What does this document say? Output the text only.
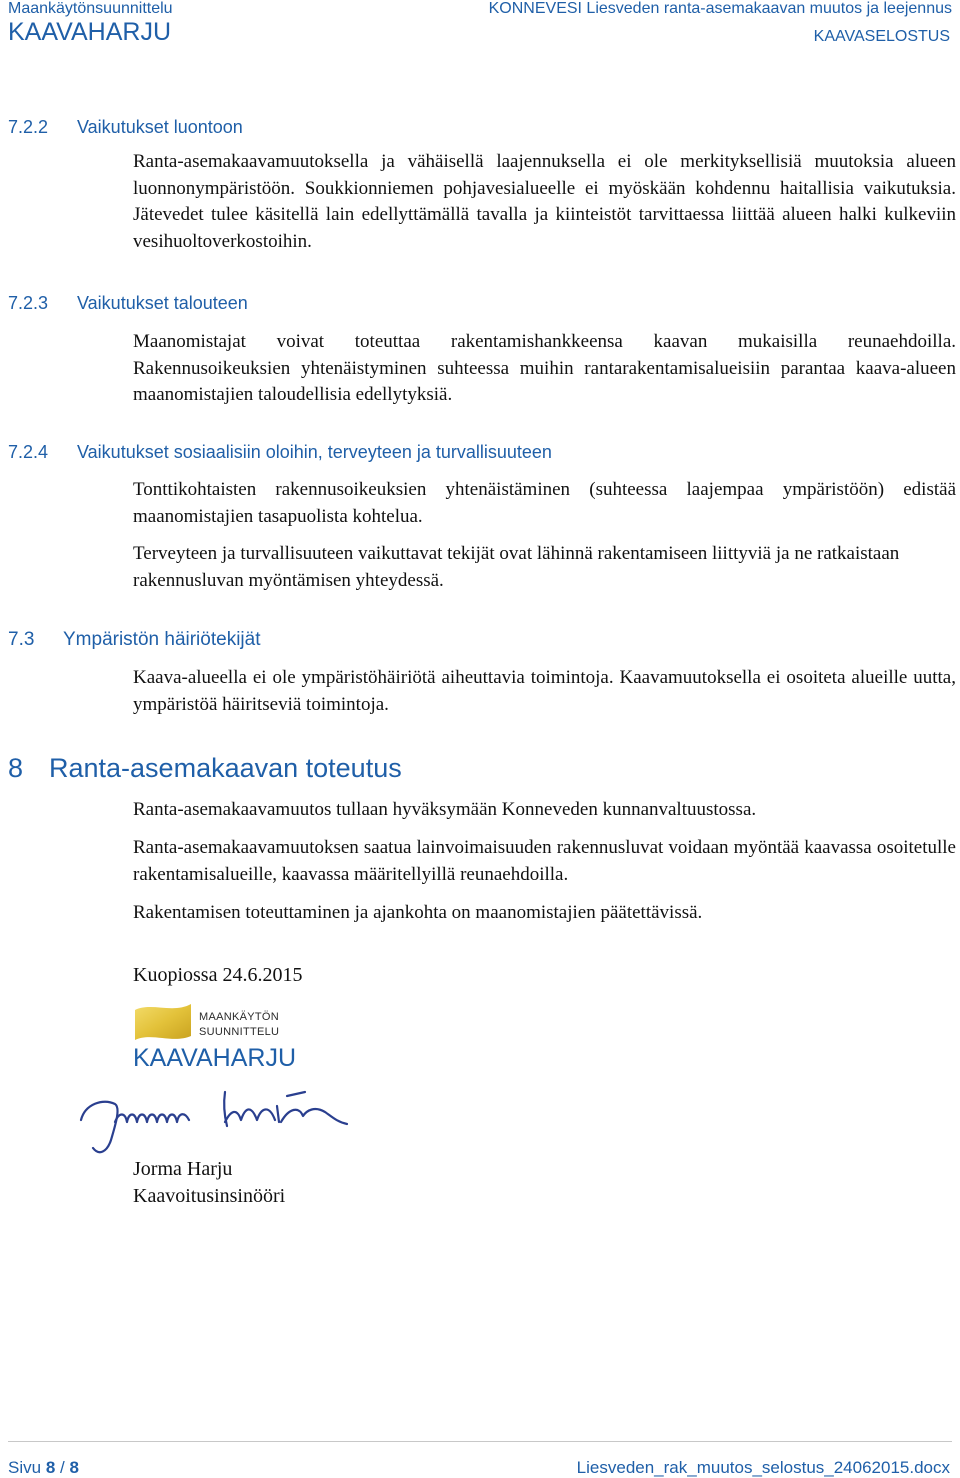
Maankäytönsuunnittelu
KAAVAHARJU
KONNEVESI Liesveden ranta-asemakaavan muutos ja leejennus
KAAVASELOSTUS
7.2.2 Vaikutukset luontoon

Ranta-asemakaavamuutoksella ja vähäisellä laajennuksella ei ole merkityksellisiä muutoksia alueen luonnonympäristöön. Soukkionniemen pohjavesialueelle ei myöskään kohdennu haitallisia vaikutuksia. Jätevedet tulee käsitellä lain edellyttämällä tavalla ja kiinteistöt tarvittaessa liittää alueen halki kulkeviin vesihuoltoverkostoihin.

7.2.3 Vaikutukset talouteen

Maanomistajat voivat toteuttaa rakentamishankkeensa kaavan mukaisilla reunaehdoilla. Rakennusoikeuksien yhtenäistyminen suhteessa muihin rantarakentamisalueisiin parantaa kaava-alueen maanomistajien taloudellisia edellytyksiä.

7.2.4 Vaikutukset sosiaalisiin oloihin, terveyteen ja turvallisuuteen

Tonttikohtaisten rakennusoikeuksien yhtenäistäminen (suhteessa laajempaa ympäristöön) edistää maanomistajien tasapuolista kohtelua.

Terveyteen ja turvallisuuteen vaikuttavat tekijät ovat lähinnä rakentamiseen liittyviä ja ne ratkaistaan rakennusluvan myöntämisen yhteydessä.

7.3 Ympäristön häiriötekijät

Kaava-alueella ei ole ympäristöhäiriötä aiheuttavia toimintoja. Kaavamuutoksella ei osoiteta alueille uutta, ympäristöä häiritseviä toimintoja.

8 Ranta-asemakaavan toteutus

Ranta-asemakaavamuutos tullaan hyväksymään Konneveden kunnanvaltuustossa.

Ranta-asemakaavamuutoksen saatua lainvoimaisuuden rakennusluvat voidaan myöntää kaavassa osoitetulle rakentamisalueille, kaavassa määritellyillä reunaehdoilla.

Rakentamisen toteuttaminen ja ajankohta on maanomistajien päätettävissä.

Kuopiossa 24.6.2015
MAANKÄYTÖN
SUUNNITTELU
KAAVAHARJU
Jorma Harju
Kaavoitusinsinööri
Sivu 8 / 8	Liesveden_rak_muutos_selostus_24062015.docx
